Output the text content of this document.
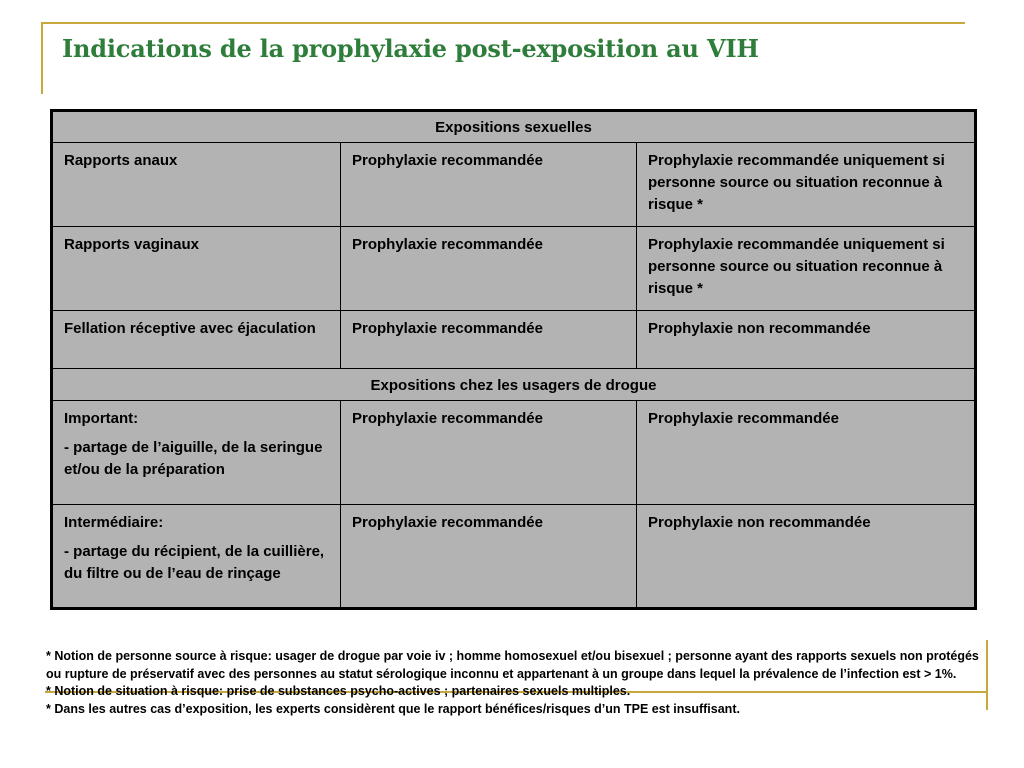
Indications de la prophylaxie post-exposition au VIH
Expositions sexuelles		
Rapports anaux	Prophylaxie recommandée	Prophylaxie recommandée uniquement si personne source ou situation reconnue à risque *
Rapports vaginaux	Prophylaxie recommandée	Prophylaxie recommandée uniquement si personne source ou situation reconnue à risque *
Fellation réceptive avec éjaculation	Prophylaxie recommandée	Prophylaxie non recommandée
Expositions chez les usagers de drogue		

Important:
- partage de l’aiguille, de la seringue et/ou de la préparation	Prophylaxie recommandée	Prophylaxie recommandée

Intermédiaire:
- partage du récipient, de la cuillière, du filtre ou de l’eau de rinçage	Prophylaxie recommandée	Prophylaxie non recommandée

* Notion de personne source à risque: usager de drogue par voie iv ; homme homosexuel et/ou bisexuel ; personne ayant des rapports sexuels non protégés ou rupture de préservatif avec des personnes au statut sérologique inconnu et appartenant à un groupe dans lequel la prévalence de l’infection est > 1%.

* Notion de situation à risque: prise de substances psycho-actives ; partenaires sexuels multiples.

* Dans les autres cas d’exposition, les experts considèrent que le rapport bénéfices/risques d’un TPE est insuffisant.
